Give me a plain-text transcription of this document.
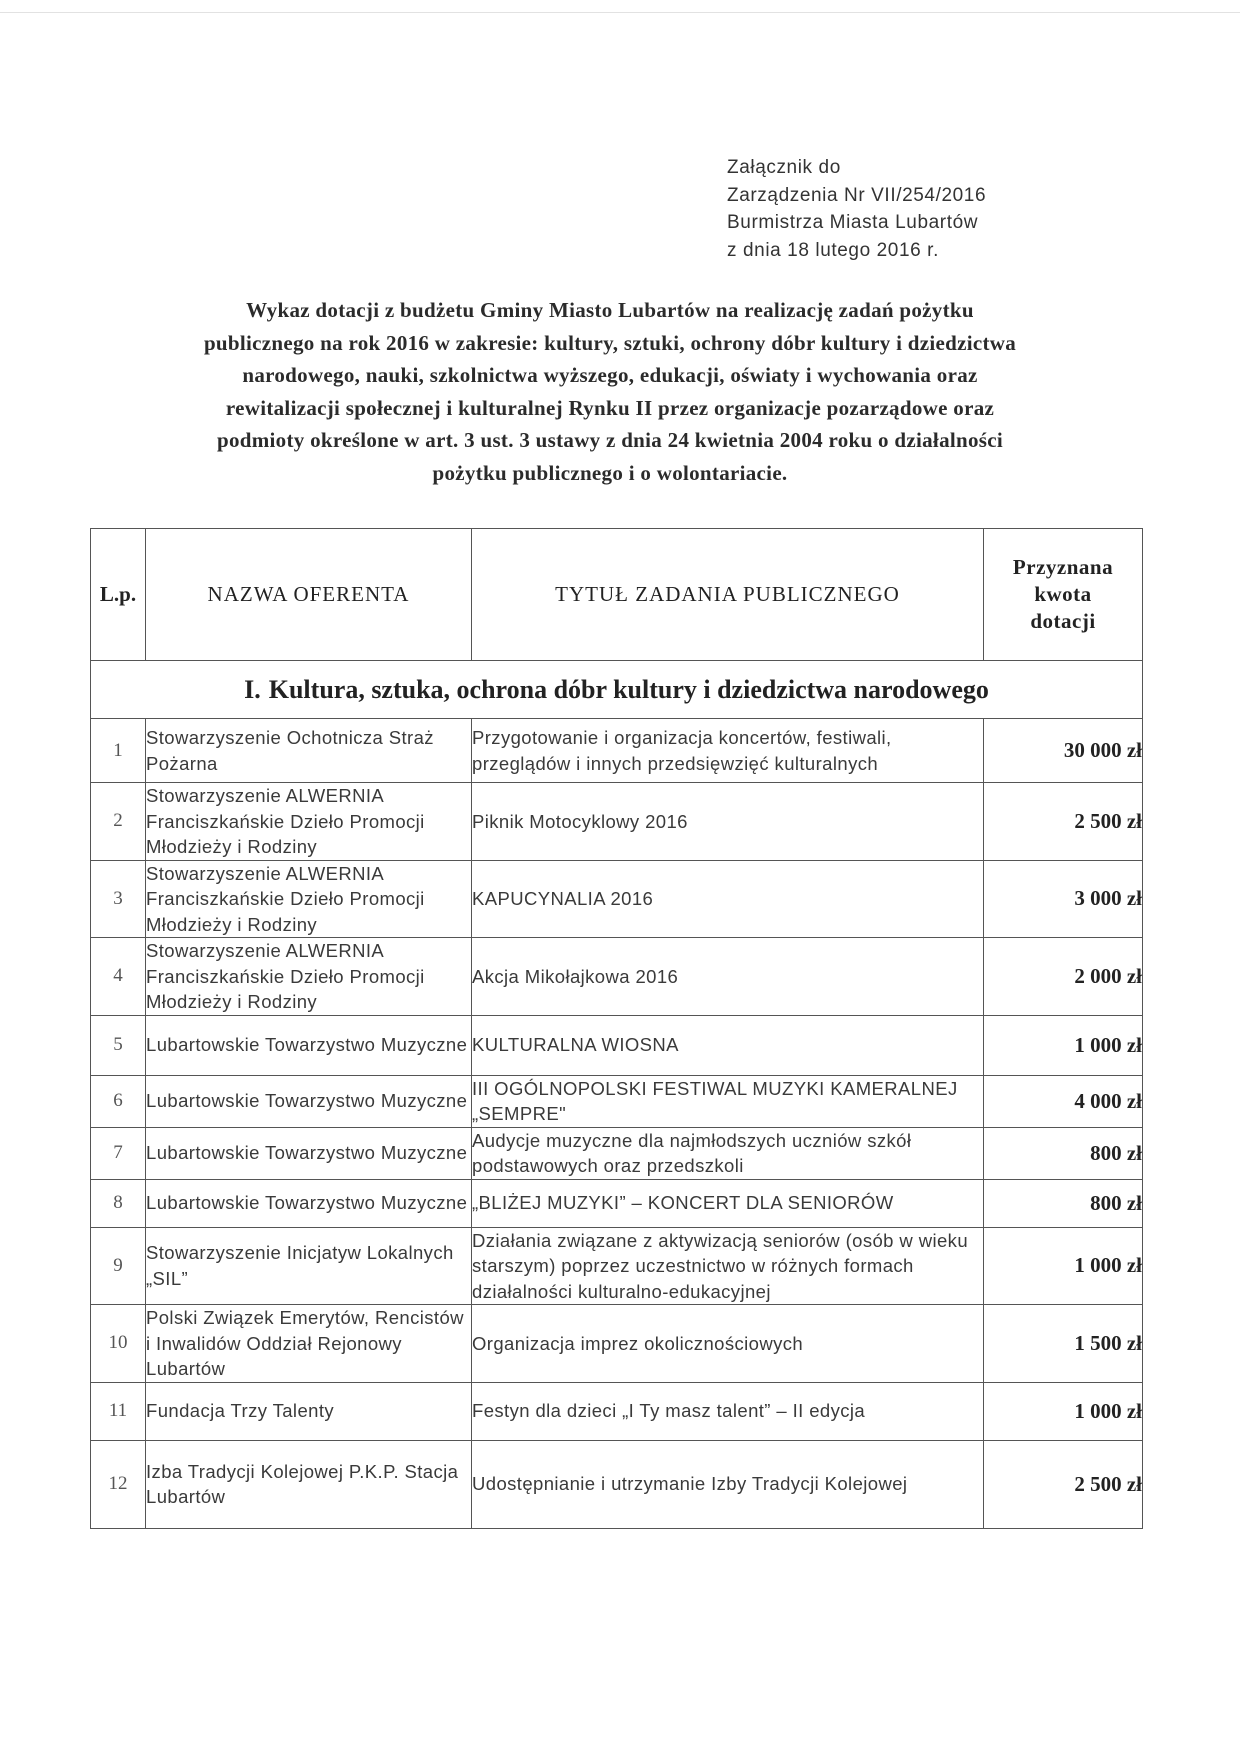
Załącznik do
Zarządzenia Nr VII/254/2016
Burmistrza Miasta Lubartów
z dnia 18 lutego 2016 r.
Wykaz dotacji z budżetu Gminy Miasto Lubartów na realizację zadań pożytku
publicznego na rok 2016 w zakresie: kultury, sztuki, ochrony dóbr kultury i dziedzictwa
narodowego, nauki, szkolnictwa wyższego, edukacji, oświaty i wychowania oraz
rewitalizacji społecznej i kulturalnej Rynku II przez organizacje pozarządowe oraz
podmioty określone w art. 3 ust. 3 ustawy z dnia 24 kwietnia 2004 roku o działalności
pożytku publicznego i o wolontariacie.
L.p.	NAZWA OFERENTA	TYTUŁ ZADANIA PUBLICZNEGO	Przyznana
kwota
dotacji

I. Kultura, sztuka, ochrona dóbr kultury i dziedzictwa narodowego			
1	Stowarzyszenie Ochotnicza Straż Pożarna	Przygotowanie i organizacja koncertów, festiwali, przeglądów i innych przedsięwzięć kulturalnych	30 000 zł
2	Stowarzyszenie ALWERNIA Franciszkańskie Dzieło Promocji Młodzieży i Rodziny	Piknik Motocyklowy 2016	2 500 zł
3	Stowarzyszenie ALWERNIA Franciszkańskie Dzieło Promocji Młodzieży i Rodziny	KAPUCYNALIA 2016	3 000 zł
4	Stowarzyszenie ALWERNIA Franciszkańskie Dzieło Promocji Młodzieży i Rodziny	Akcja Mikołajkowa 2016	2 000 zł
5	Lubartowskie Towarzystwo Muzyczne	KULTURALNA WIOSNA	1 000 zł
6	Lubartowskie Towarzystwo Muzyczne	III OGÓLNOPOLSKI FESTIWAL MUZYKI KAMERALNEJ „SEMPRE"	4 000 zł
7	Lubartowskie Towarzystwo Muzyczne	Audycje muzyczne dla najmłodszych uczniów szkół podstawowych oraz przedszkoli	800 zł
8	Lubartowskie Towarzystwo Muzyczne	„BLIŻEJ MUZYKI” – KONCERT DLA SENIORÓW	800 zł
9	Stowarzyszenie Inicjatyw Lokalnych „SIL”	Działania związane z aktywizacją seniorów (osób w wieku starszym) poprzez uczestnictwo w różnych formach działalności kulturalno-edukacyjnej	1 000 zł
10	Polski Związek Emerytów, Rencistów i Inwalidów Oddział Rejonowy Lubartów	Organizacja imprez okolicznościowych	1 500 zł
11	Fundacja Trzy Talenty	Festyn dla dzieci „I Ty masz talent” – II edycja	1 000 zł
12	Izba Tradycji Kolejowej P.K.P. Stacja Lubartów	Udostępnianie i utrzymanie Izby Tradycji Kolejowej	2 500 zł
